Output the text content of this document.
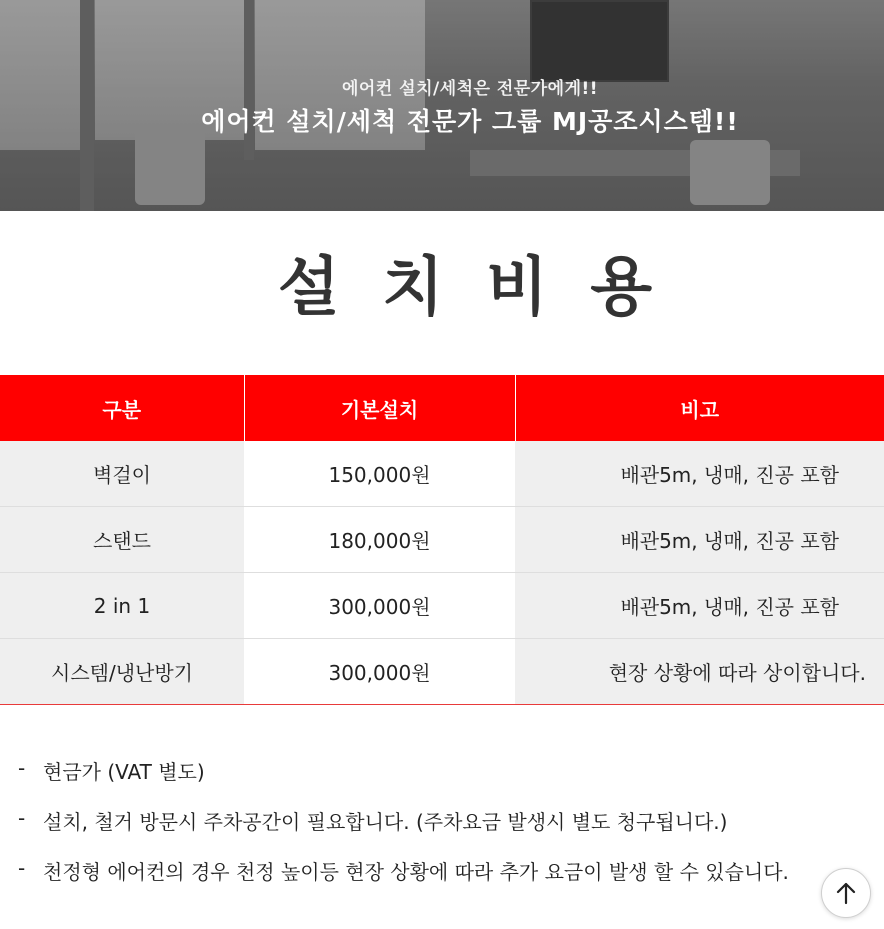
에어컨 설치/세척은 전문가에게!!
에어컨 설치/세척 전문가 그룹 MJ공조시스템!!
설 치 비 용
구분	기본설치	비고
벽걸이	150,000원	배관5m, 냉매, 진공 포함
스탠드	180,000원	배관5m, 냉매, 진공 포함
2 in 1	300,000원	배관5m, 냉매, 진공 포함
시스템/냉난방기	300,000원	현장 상황에 따라 상이합니다.
- 현금가 (VAT 별도)
- 설치, 철거 방문시 주차공간이 필요합니다. (주차요금 발생시 별도 청구됩니다.)
- 천정형 에어컨의 경우 천정 높이등 현장 상황에 따라 추가 요금이 발생 할 수 있습니다.
